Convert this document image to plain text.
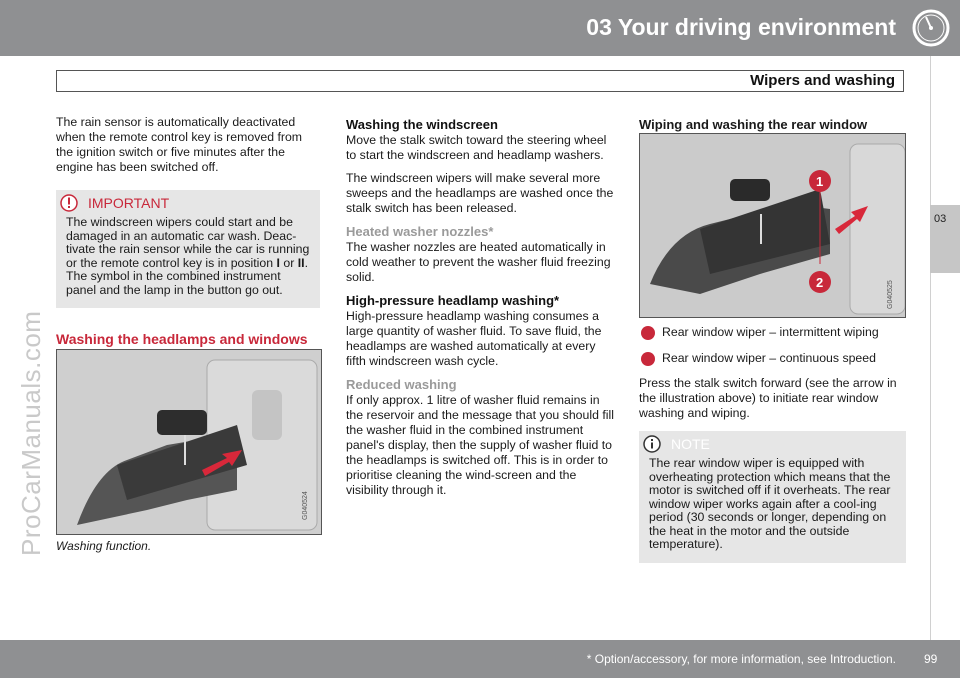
03 Your driving environment
Wipers and washing
03
ProCarManuals.com

The rain sensor is automatically deactivated when the remote control key is removed from the ignition switch or five minutes after the engine has been switched off.

IMPORTANT
The windscreen wipers could start and be damaged in an automatic car wash. Deac-tivate the rain sensor while the car is running or the remote control key is in position I or II. The symbol in the combined instrument panel and the lamp in the button go out.
Washing the headlamps and windows
G040524
Washing function.
Washing the windscreen

Move the stalk switch toward the steering wheel to start the windscreen and headlamp washers.

The windscreen wipers will make several more sweeps and the headlamps are washed once the stalk switch has been released.

Heated washer nozzles*

The washer nozzles are heated automatically in cold weather to prevent the washer fluid freezing solid.

High-pressure headlamp washing*

High-pressure headlamp washing consumes a large quantity of washer fluid. To save fluid, the headlamps are washed automatically at every fifth windscreen wash cycle.

Reduced washing

If only approx. 1 litre of washer fluid remains in the reservoir and the message that you should fill the washer fluid in the combined instrument panel's display, then the supply of washer fluid to the headlamps is switched off. This is in order to prioritise cleaning the wind-screen and the visibility through it.

Wiping and washing the rear window
1
2	G040525
Rear window wiper – intermittent wiping
Rear window wiper – continuous speed

Press the stalk switch forward (see the arrow in the illustration above) to initiate rear window washing and wiping.

NOTE
The rear window wiper is equipped with overheating protection which means that the motor is switched off if it overheats. The rear window wiper works again after a cool-ing period (30 seconds or longer, depending on the heat in the motor and the outside temperature).
* Option/accessory, for more information, see Introduction. 99
